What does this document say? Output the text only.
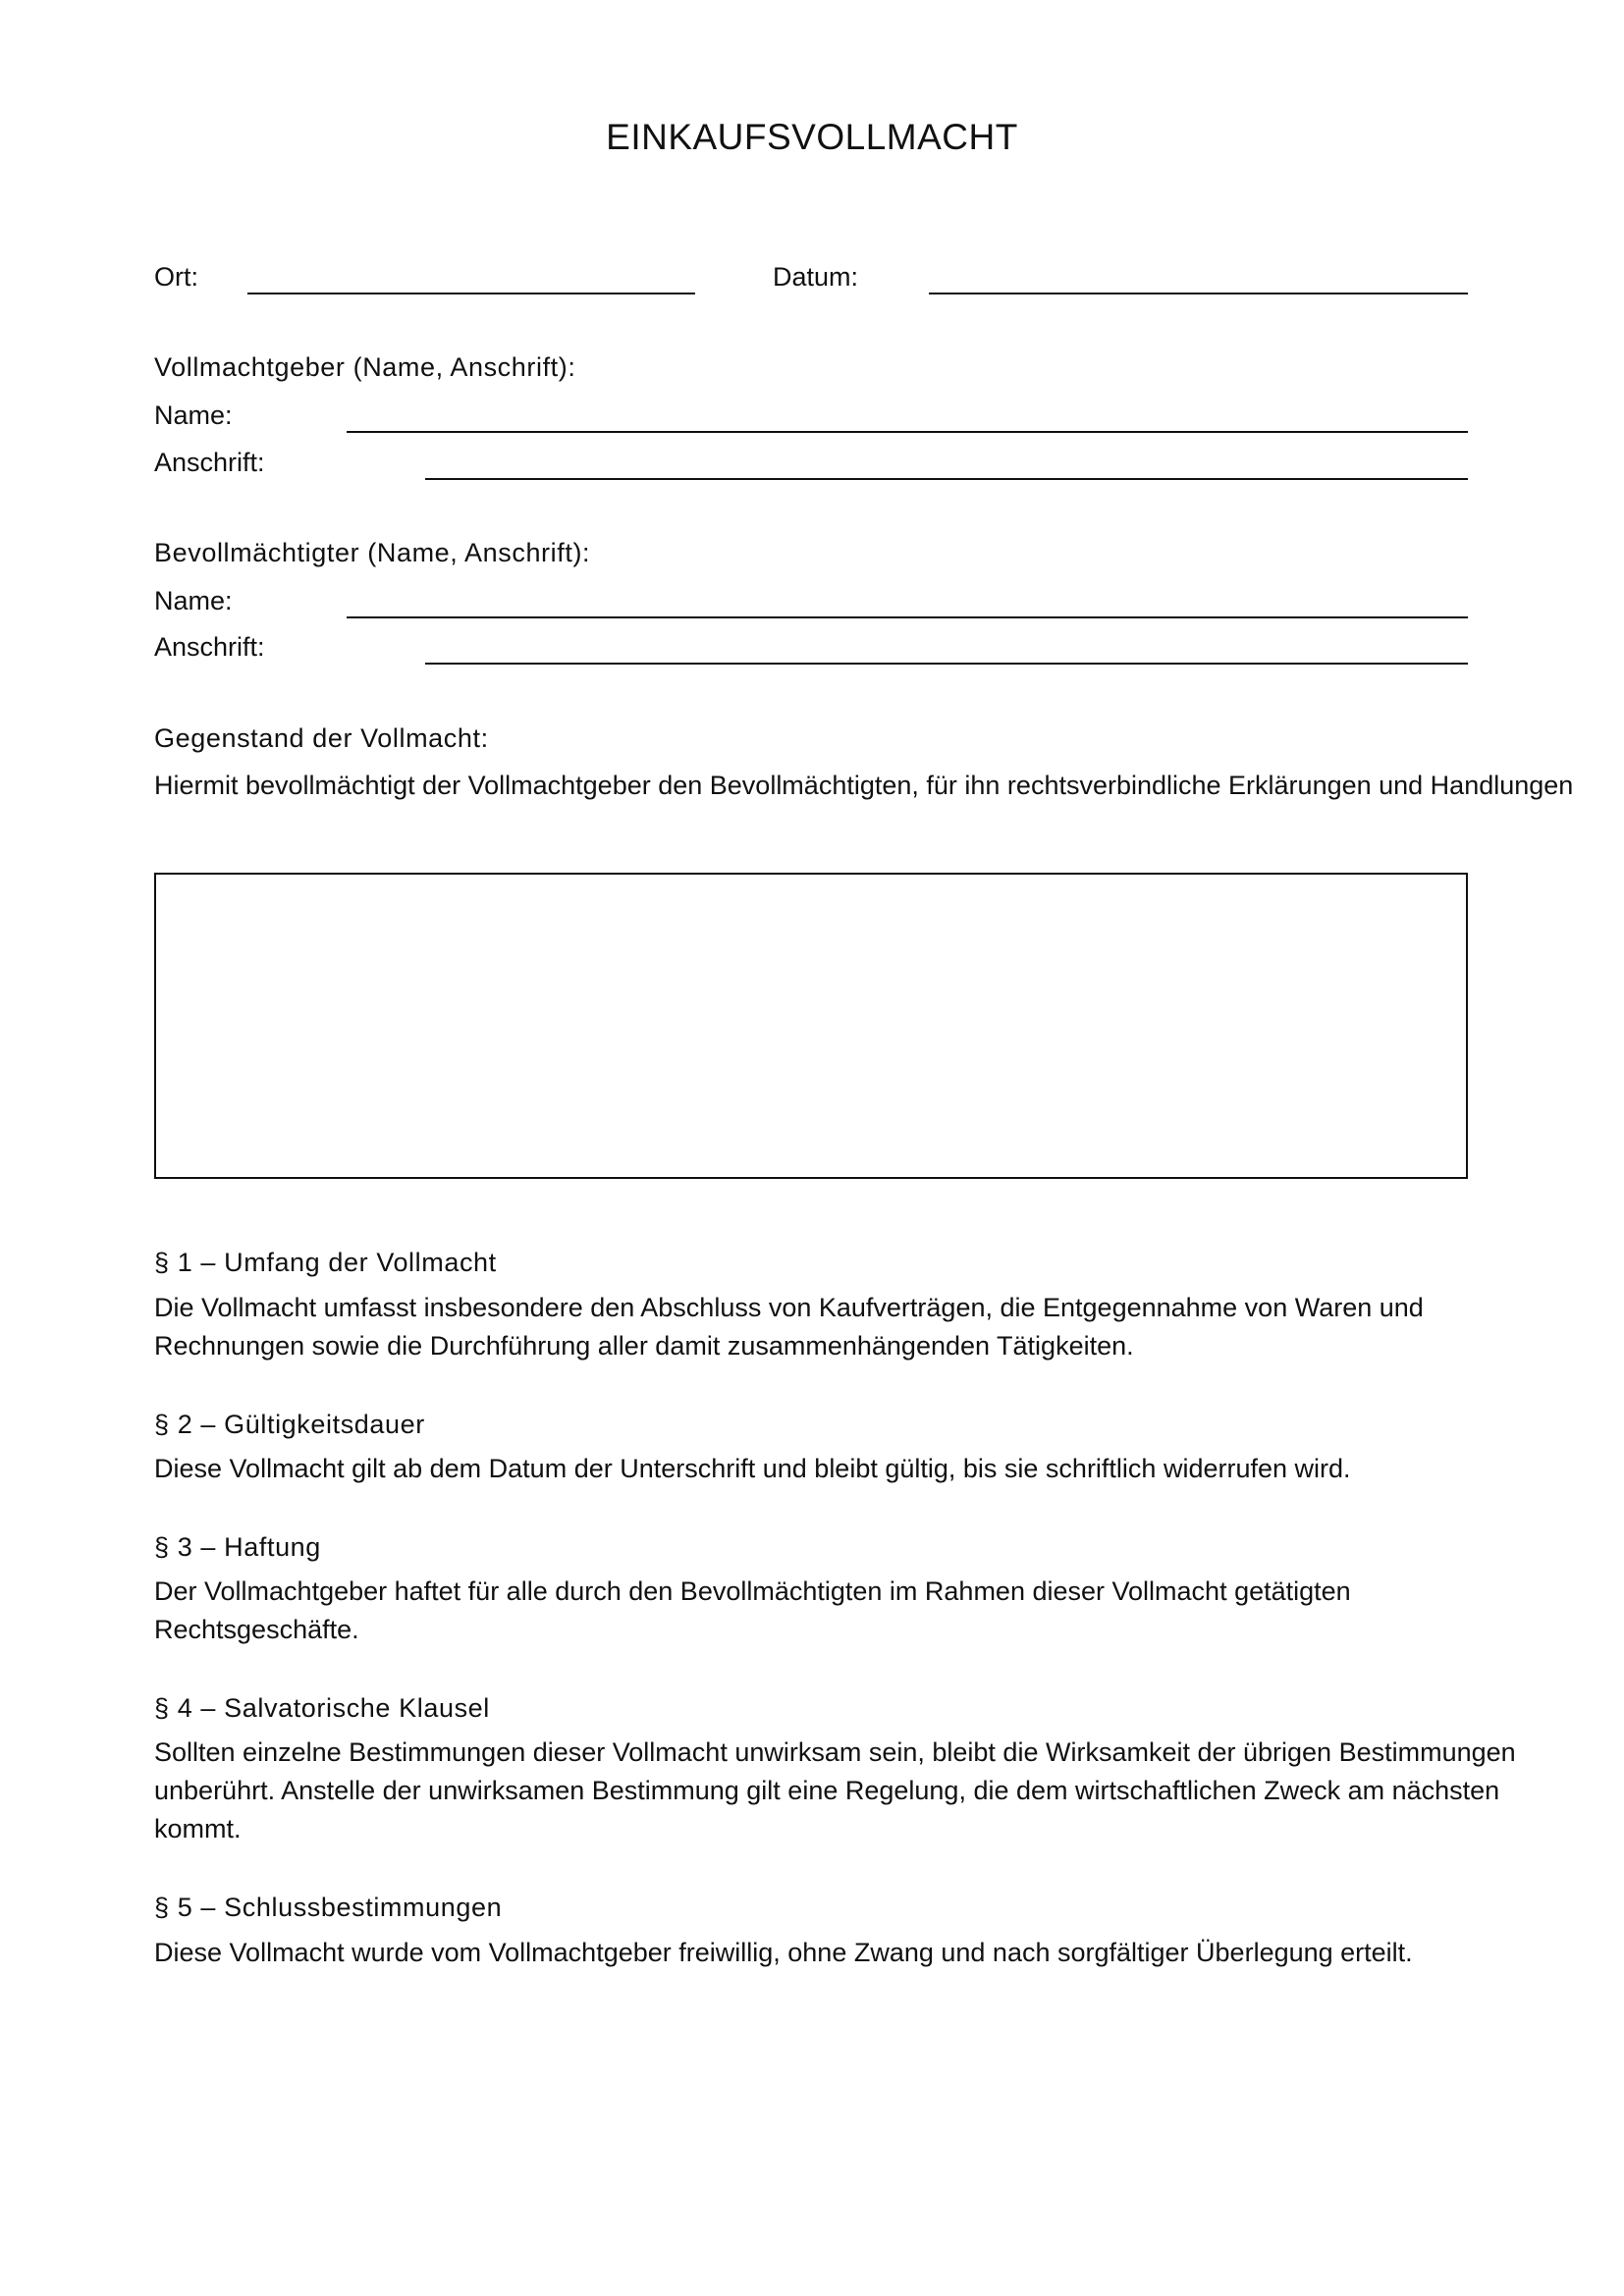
EINKAUFSVOLLMACHT
Ort:	Datum:
Vollmachtgeber (Name, Anschrift):
Name:
Anschrift:
Bevollmächtigter (Name, Anschrift):
Name:
Anschrift:
Gegenstand der Vollmacht:
Hiermit bevollmächtigt der Vollmachtgeber den Bevollmächtigten, für ihn rechtsverbindliche Erklärungen und Handlungen
§ 1 – Umfang der Vollmacht
Die Vollmacht umfasst insbesondere den Abschluss von Kaufverträgen, die Entgegennahme von Waren und Rechnungen sowie die Durchführung aller damit zusammenhängenden Tätigkeiten.
§ 2 – Gültigkeitsdauer
Diese Vollmacht gilt ab dem Datum der Unterschrift und bleibt gültig, bis sie schriftlich widerrufen wird.
§ 3 – Haftung
Der Vollmachtgeber haftet für alle durch den Bevollmächtigten im Rahmen dieser Vollmacht getätigten Rechtsgeschäfte.
§ 4 – Salvatorische Klausel
Sollten einzelne Bestimmungen dieser Vollmacht unwirksam sein, bleibt die Wirksamkeit der übrigen Bestimmungen unberührt. Anstelle der unwirksamen Bestimmung gilt eine Regelung, die dem wirtschaftlichen Zweck am nächsten kommt.
§ 5 – Schlussbestimmungen
Diese Vollmacht wurde vom Vollmachtgeber freiwillig, ohne Zwang und nach sorgfältiger Überlegung erteilt.
